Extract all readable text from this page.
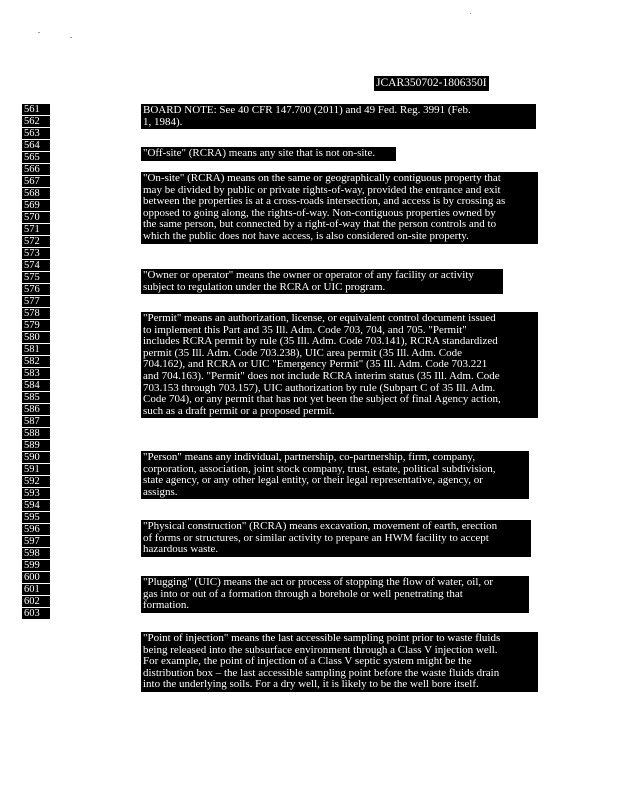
JCAR350702-1806350I
561
562
563
564
565
566
567
568
569
570
571
572
573
574
575
576
577
578
579
580
581
582
583
584
585
586
587
588
589
590
591
592
593
594
595
596
597
598
599
600
601
602
603
BOARD NOTE: See 40 CFR 147.700 (2011) and 49 Fed. Reg. 3991 (Feb.
1, 1984).
"Off-site" (RCRA) means any site that is not on-site.
"On-site" (RCRA) means on the same or geographically contiguous property that
may be divided by public or private rights-of-way, provided the entrance and exit
between the properties is at a cross-roads intersection, and access is by crossing as
opposed to going along, the rights-of-way. Non-contiguous properties owned by
the same person, but connected by a right-of-way that the person controls and to
which the public does not have access, is also considered on-site property.
"Owner or operator" means the owner or operator of any facility or activity
subject to regulation under the RCRA or UIC program.
"Permit" means an authorization, license, or equivalent control document issued
to implement this Part and 35 Ill. Adm. Code 703, 704, and 705. "Permit"
includes RCRA permit by rule (35 Ill. Adm. Code 703.141), RCRA standardized
permit (35 Ill. Adm. Code 703.238), UIC area permit (35 Ill. Adm. Code
704.162), and RCRA or UIC "Emergency Permit" (35 Ill. Adm. Code 703.221
and 704.163). "Permit" does not include RCRA interim status (35 Ill. Adm. Code
703.153 through 703.157), UIC authorization by rule (Subpart C of 35 Ill. Adm.
Code 704), or any permit that has not yet been the subject of final Agency action,
such as a draft permit or a proposed permit.
"Person" means any individual, partnership, co-partnership, firm, company,
corporation, association, joint stock company, trust, estate, political subdivision,
state agency, or any other legal entity, or their legal representative, agency, or
assigns.
"Physical construction" (RCRA) means excavation, movement of earth, erection
of forms or structures, or similar activity to prepare an HWM facility to accept
hazardous waste.
"Plugging" (UIC) means the act or process of stopping the flow of water, oil, or
gas into or out of a formation through a borehole or well penetrating that
formation.
"Point of injection" means the last accessible sampling point prior to waste fluids
being released into the subsurface environment through a Class V injection well.
For example, the point of injection of a Class V septic system might be the
distribution box – the last accessible sampling point before the waste fluids drain
into the underlying soils. For a dry well, it is likely to be the well bore itself.
